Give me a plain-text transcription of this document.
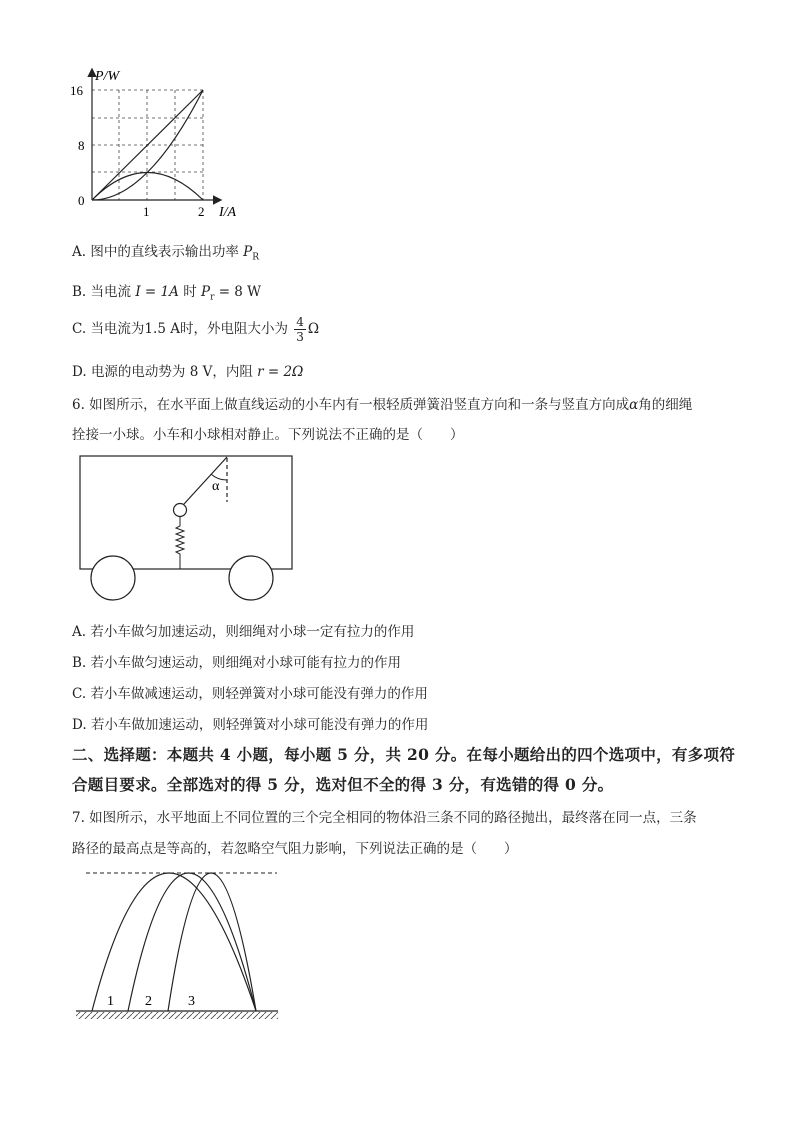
P/W
16
8
0
1	2 I/A
A. 图中的直线表示输出功率 $P_R$
B. 当电流 I = 1A 时 $P_r = 8$ W
C. 当电流为1.5 A时，外电阻大小为 $\frac{4}{3}$ Ω
D. 电源的电动势为 8 V，内阻 r = 2Ω
6. 如图所示，在水平面上做直线运动的小车内有一根轻质弹簧沿竖直方向和一条与竖直方向成α角的细绳
拴接一小球。小车和小球相对静止。下列说法不正确的是（　　）
α
A. 若小车做匀加速运动，则细绳对小球一定有拉力的作用
B. 若小车做匀速运动，则细绳对小球可能有拉力的作用
C. 若小车做减速运动，则轻弹簧对小球可能没有弹力的作用
D. 若小车做加速运动，则轻弹簧对小球可能没有弹力的作用
二、选择题：本题共 4 小题，每小题 5 分，共 20 分。在每小题给出的四个选项中，有多项符
合题目要求。全部选对的得 5 分，选对但不全的得 3 分，有选错的得 0 分。
7. 如图所示，水平地面上不同位置的三个完全相同的物体沿三条不同的路径抛出，最终落在同一点，三条
路径的最高点是等高的，若忽略空气阻力影响，下列说法正确的是（　　）
1 2	3
